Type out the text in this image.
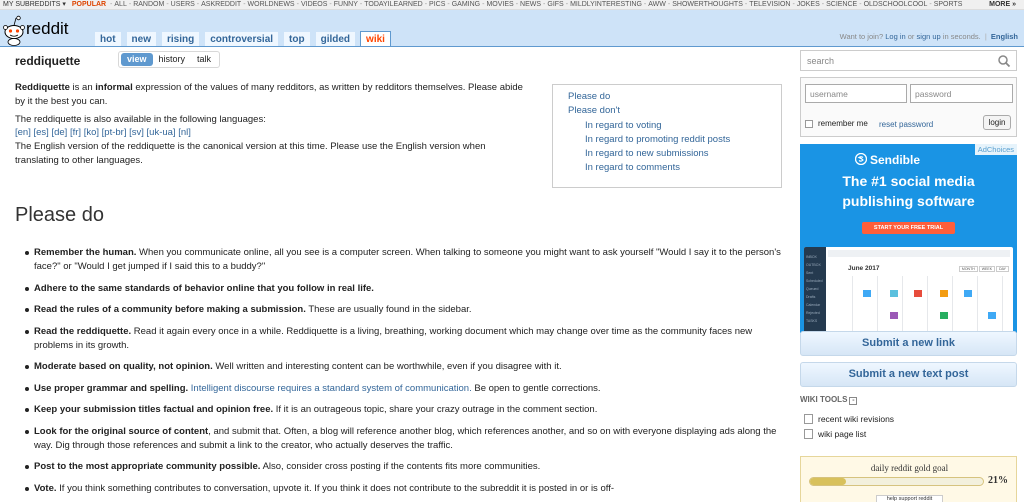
MY SUBREDDITS ▾ POPULAR - ALL - RANDOM - USERS - ASKREDDIT - WORLDNEWS - VIDEOS - FUNNY - TODAYILEARNED - PICS - GAMING - MOVIES - NEWS - GIFS - MILDLYINTERESTING - AWW - SHOWERTHOUGHTS - TELEVISION - JOKES - SCIENCE - OLDSCHOOLCOOL - SPORTS	MORE »
reddit
hot	new	rising	controversial	top	gilded	wiki	Want to join? Log in or sign up in seconds. | English
reddiquette	view	history	talk

Reddiquette is an informal expression of the values of many redditors, as written by redditors themselves. Please abide by it the best you can.

The reddiquette is also available in the following languages:

[en] [es] [de] [fr] [ko] [pt-br] [sv] [uk-ua] [nl]

The English version of the reddiquette is the canonical version at this time. Please use the English version when translating to other languages.

Please do
Please don't
In regard to voting
In regard to promoting reddit posts
In regard to new submissions
In regard to comments
Please do
Remember the human. When you communicate online, all you see is a computer screen. When talking to someone you might want to ask yourself "Would I say it to the person's face?" or "Would I get jumped if I said this to a buddy?"
Adhere to the same standards of behavior online that you follow in real life.
Read the rules of a community before making a submission. These are usually found in the sidebar.
Read the reddiquette. Read it again every once in a while. Reddiquette is a living, breathing, working document which may change over time as the community faces new problems in its growth.
Moderate based on quality, not opinion. Well written and interesting content can be worthwhile, even if you disagree with it.
Use proper grammar and spelling. Intelligent discourse requires a standard system of communication. Be open to gentle corrections.
Keep your submission titles factual and opinion free. If it is an outrageous topic, share your crazy outrage in the comment section.
Look for the original source of content, and submit that. Often, a blog will reference another blog, which references another, and so on with everyone displaying ads along the way. Dig through those references and submit a link to the creator, who actually deserves the traffic.
Post to the most appropriate community possible. Also, consider cross posting if the contents fits more communities.
Vote. If you think something contributes to conversation, upvote it. If you think it does not contribute to the subreddit it is posted in or is off-
search
username	password
remember me reset password	login
AdChoices
Sendible
The #1 social media
publishing software
START YOUR FREE TRIAL
INBOX
OUTBOX
Sent
Scheduled
Queued
Drafts
Calendar
Rejected
TASKS
June 2017	MONTH	WEEK	DAY
Submit a new link
Submit a new text post
WIKI TOOLS -
recent wiki revisions
wiki page list
daily reddit gold goal
21%
help support reddit
